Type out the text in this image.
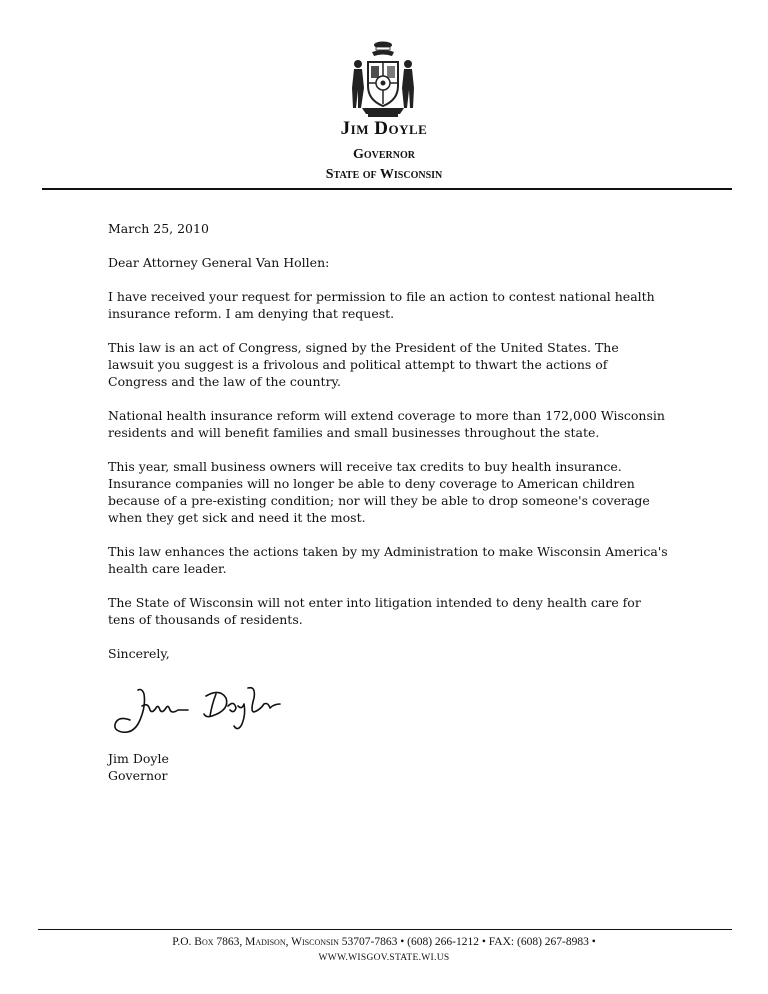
Jim Doyle
Governor
State of Wisconsin

March 25, 2010

Dear Attorney General Van Hollen:

I have received your request for permission to file an action to contest national health insurance reform. I am denying that request.

This law is an act of Congress, signed by the President of the United States. The lawsuit you suggest is a frivolous and political attempt to thwart the actions of Congress and the law of the country.

National health insurance reform will extend coverage to more than 172,000 Wisconsin residents and will benefit families and small businesses throughout the state.

This year, small business owners will receive tax credits to buy health insurance. Insurance companies will no longer be able to deny coverage to American children because of a pre-existing condition; nor will they be able to drop someone's coverage when they get sick and need it the most.

This law enhances the actions taken by my Administration to make Wisconsin America's health care leader.

The State of Wisconsin will not enter into litigation intended to deny health care for tens of thousands of residents.

Sincerely,

Jim Doyle
Governor
P.O. Box 7863, Madison, Wisconsin 53707-7863 • (608) 266-1212 • FAX: (608) 267-8983 •
WWW.WISGOV.STATE.WI.US
